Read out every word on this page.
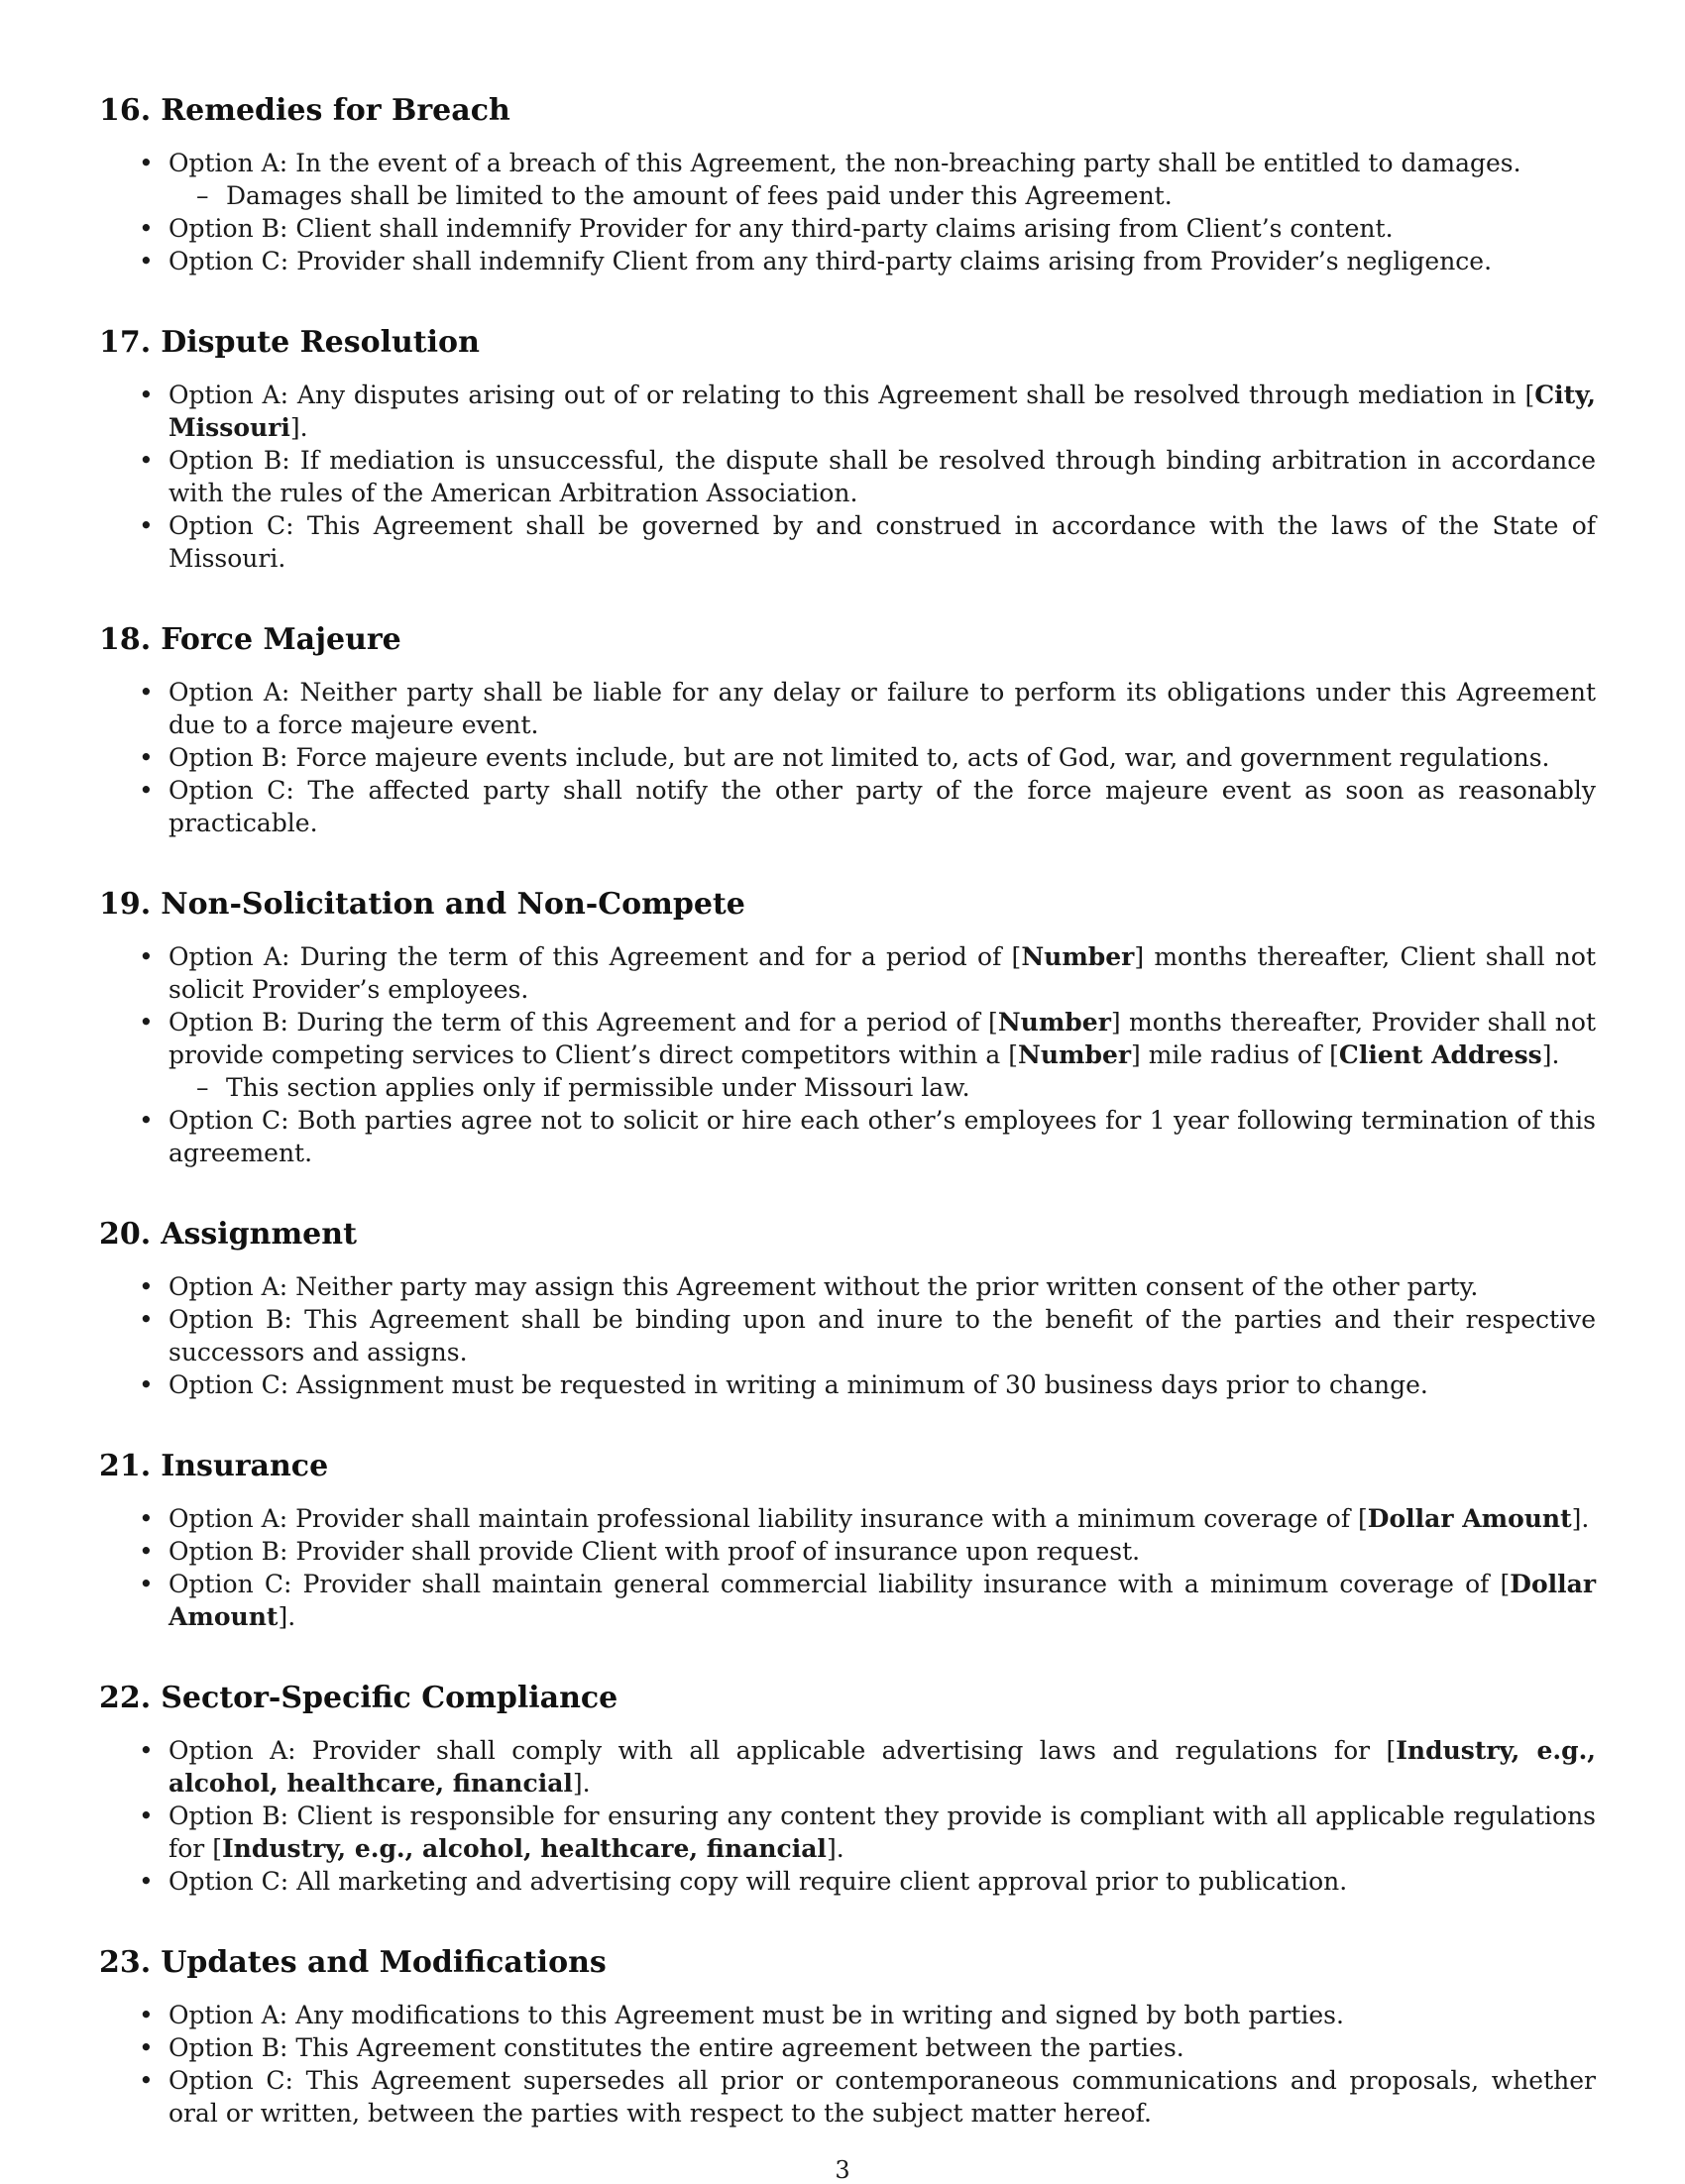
16. Remedies for Breach
• Option A: In the event of a breach of this Agreement, the non-breaching party shall be entitled to damages.
– Damages shall be limited to the amount of fees paid under this Agreement.
• Option B: Client shall indemnify Provider for any third-party claims arising from Client’s content.
• Option C: Provider shall indemnify Client from any third-party claims arising from Provider’s negligence.
17. Dispute Resolution
• Option A: Any disputes arising out of or relating to this Agreement shall be resolved through mediation in [City, Missouri].
• Option B: If mediation is unsuccessful, the dispute shall be resolved through binding arbitration in accordance with the rules of the American Arbitration Association.
• Option C: This Agreement shall be governed by and construed in accordance with the laws of the State of Missouri.
18. Force Majeure
• Option A: Neither party shall be liable for any delay or failure to perform its obligations under this Agreement due to a force majeure event.
• Option B: Force majeure events include, but are not limited to, acts of God, war, and government regulations.
• Option C: The affected party shall notify the other party of the force majeure event as soon as reasonably practicable.
19. Non-Solicitation and Non-Compete
• Option A: During the term of this Agreement and for a period of [Number] months thereafter, Client shall not solicit Provider’s employees.
• Option B: During the term of this Agreement and for a period of [Number] months thereafter, Provider shall not provide competing services to Client’s direct competitors within a [Number] mile radius of [Client Address].
– This section applies only if permissible under Missouri law.
• Option C: Both parties agree not to solicit or hire each other’s employees for 1 year following termination of this agreement.
20. Assignment
• Option A: Neither party may assign this Agreement without the prior written consent of the other party.
• Option B: This Agreement shall be binding upon and inure to the benefit of the parties and their respective successors and assigns.
• Option C: Assignment must be requested in writing a minimum of 30 business days prior to change.
21. Insurance
• Option A: Provider shall maintain professional liability insurance with a minimum coverage of [Dollar Amount].
• Option B: Provider shall provide Client with proof of insurance upon request.
• Option C: Provider shall maintain general commercial liability insurance with a minimum coverage of [Dollar Amount].
22. Sector-Specific Compliance
• Option A: Provider shall comply with all applicable advertising laws and regulations for [Industry, e.g., alcohol, healthcare, financial].
• Option B: Client is responsible for ensuring any content they provide is compliant with all applicable regulations for [Industry, e.g., alcohol, healthcare, financial].
• Option C: All marketing and advertising copy will require client approval prior to publication.
23. Updates and Modifications
• Option A: Any modifications to this Agreement must be in writing and signed by both parties.
• Option B: This Agreement constitutes the entire agreement between the parties.
• Option C: This Agreement supersedes all prior or contemporaneous communications and proposals, whether oral or written, between the parties with respect to the subject matter hereof.
3
